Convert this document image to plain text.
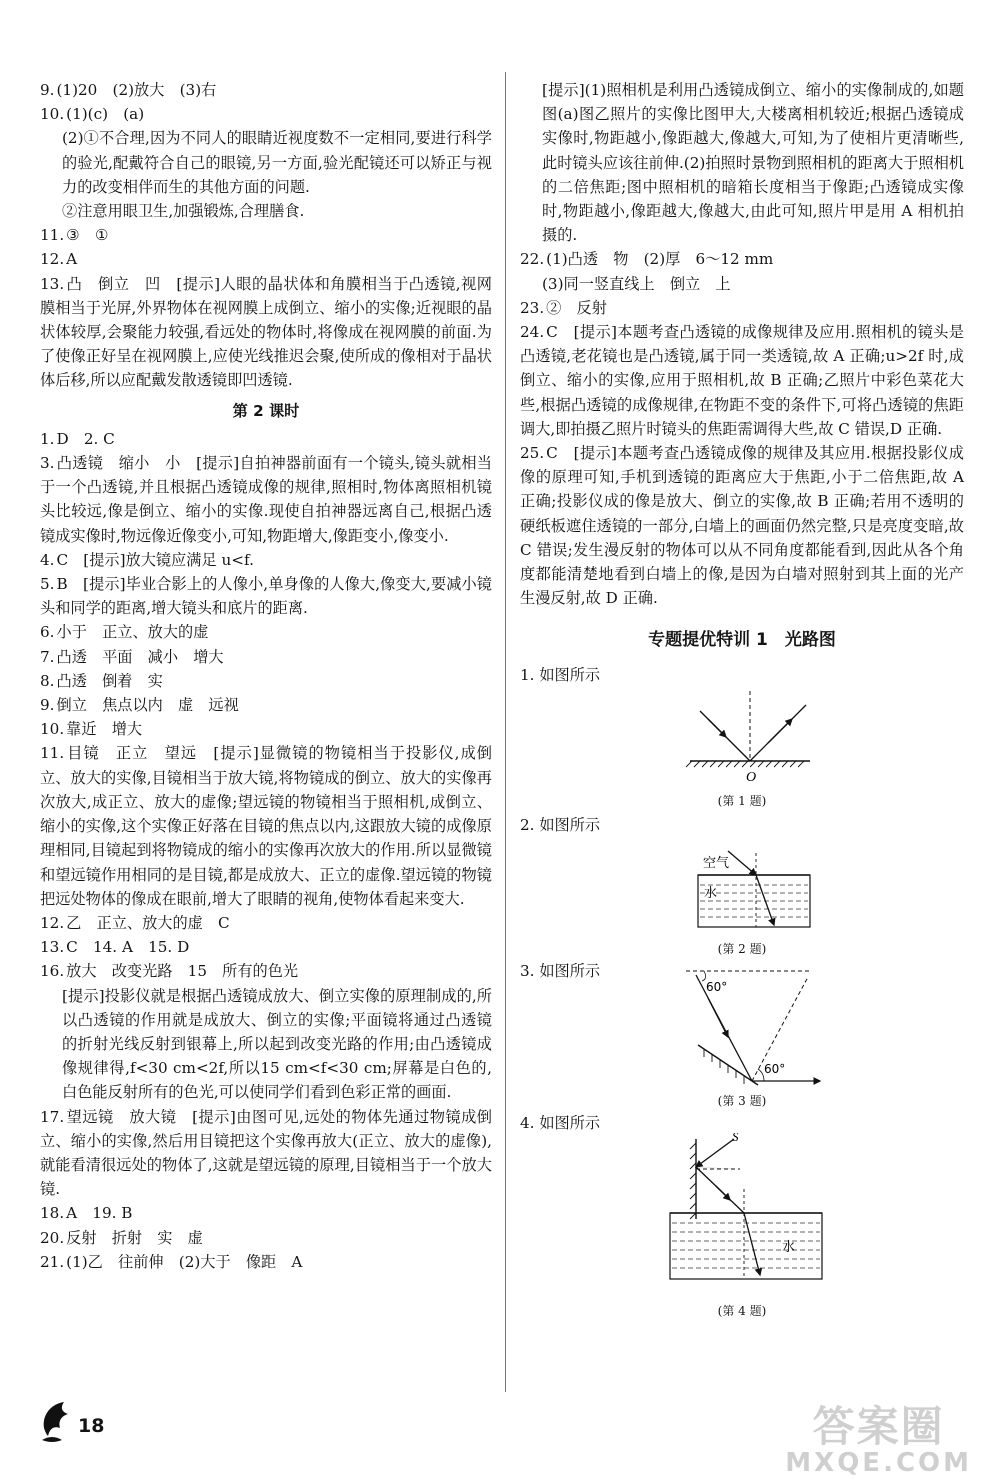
9. (1)20　(2)放大　(3)右

10. (1)(c)　(a)

(2)①不合理,因为不同人的眼睛近视度数不一定相同,要进行科学的验光,配戴符合自己的眼镜,另一方面,验光配镜还可以矫正与视力的改变相伴而生的其他方面的问题.

②注意用眼卫生,加强锻炼,合理膳食.

11. ③　①

12. A

13. 凸　倒立　凹　[提示]人眼的晶状体和角膜相当于凸透镜,视网膜相当于光屏,外界物体在视网膜上成倒立、缩小的实像;近视眼的晶状体较厚,会聚能力较强,看远处的物体时,将像成在视网膜的前面.为了使像正好呈在视网膜上,应使光线推迟会聚,使所成的像相对于晶状体后移,所以应配戴发散透镜即凹透镜.

第 2 课时

1. D　2. C

3. 凸透镜　缩小　小　[提示]自拍神器前面有一个镜头,镜头就相当于一个凸透镜,并且根据凸透镜成像的规律,照相时,物体离照相机镜头比较远,像是倒立、缩小的实像.现使自拍神器远离自己,根据凸透镜成实像时,物远像近像变小,可知,物距增大,像距变小,像变小.

4. C　[提示]放大镜应满足 u<f.

5. B　[提示]毕业合影上的人像小,单身像的人像大,像变大,要减小镜头和同学的距离,增大镜头和底片的距离.

6. 小于　正立、放大的虚

7. 凸透　平面　减小　增大

8. 凸透　倒着　实

9. 倒立　焦点以内　虚　远视

10. 靠近　增大

11. 目镜　正立　望远　[提示]显微镜的物镜相当于投影仪,成倒立、放大的实像,目镜相当于放大镜,将物镜成的倒立、放大的实像再次放大,成正立、放大的虚像;望远镜的物镜相当于照相机,成倒立、缩小的实像,这个实像正好落在目镜的焦点以内,这跟放大镜的成像原理相同,目镜起到将物镜成的缩小的实像再次放大的作用.所以显微镜和望远镜作用相同的是目镜,都是成放大、正立的虚像.望远镜的物镜把远处物体的像成在眼前,增大了眼睛的视角,使物体看起来变大.

12. 乙　正立、放大的虚　C

13. C　14. A　15. D

16. 放大　改变光路　15　所有的色光

[提示]投影仪就是根据凸透镜成放大、倒立实像的原理制成的,所以凸透镜的作用就是成放大、倒立的实像;平面镜将通过凸透镜的折射光线反射到银幕上,所以起到改变光路的作用;由凸透镜成像规律得,f<30 cm<2f,所以15 cm<f<30 cm;屏幕是白色的,白色能反射所有的色光,可以使同学们看到色彩正常的画面.

17. 望远镜　放大镜　[提示]由图可见,远处的物体先通过物镜成倒立、缩小的实像,然后用目镜把这个实像再放大(正立、放大的虚像),就能看清很远处的物体了,这就是望远镜的原理,目镜相当于一个放大镜.

18. A　19. B

20. 反射　折射　实　虚

21. (1)乙　往前伸　(2)大于　像距　A

[提示](1)照相机是利用凸透镜成倒立、缩小的实像制成的,如题图(a)图乙照片的实像比图甲大,大楼离相机较近;根据凸透镜成实像时,物距越小,像距越大,像越大,可知,为了使相片更清晰些,此时镜头应该往前伸.(2)拍照时景物到照相机的距离大于照相机的二倍焦距;图中照相机的暗箱长度相当于像距;凸透镜成实像时,物距越小,像距越大,像越大,由此可知,照片甲是用 A 相机拍摄的.

22. (1)凸透　物　(2)厚　6～12 mm

(3)同一竖直线上　倒立　上

23. ②　反射

24. C　[提示]本题考查凸透镜的成像规律及应用.照相机的镜头是凸透镜,老花镜也是凸透镜,属于同一类透镜,故 A 正确;u>2f 时,成倒立、缩小的实像,应用于照相机,故 B 正确;乙照片中彩色菜花大些,根据凸透镜的成像规律,在物距不变的条件下,可将凸透镜的焦距调大,即拍摄乙照片时镜头的焦距需调得大些,故 C 错误,D 正确.

25. C　[提示]本题考查凸透镜成像的规律及其应用.根据投影仪成像的原理可知,手机到透镜的距离应大于焦距,小于二倍焦距,故 A 正确;投影仪成的像是放大、倒立的实像,故 B 正确;若用不透明的硬纸板遮住透镜的一部分,白墙上的画面仍然完整,只是亮度变暗,故 C 错误;发生漫反射的物体可以从不同角度都能看到,因此从各个角度都能清楚地看到白墙上的像,是因为白墙对照射到其上面的光产生漫反射,故 D 正确.

专题提优特训 1　光路图
1. 如图所示
O
(第 1 题)
2. 如图所示
空气
水
(第 2 题)
3. 如图所示
60°
60°
(第 3 题)
4. 如图所示
S
水
(第 4 题)
18	答案圈
MXQE.COM
